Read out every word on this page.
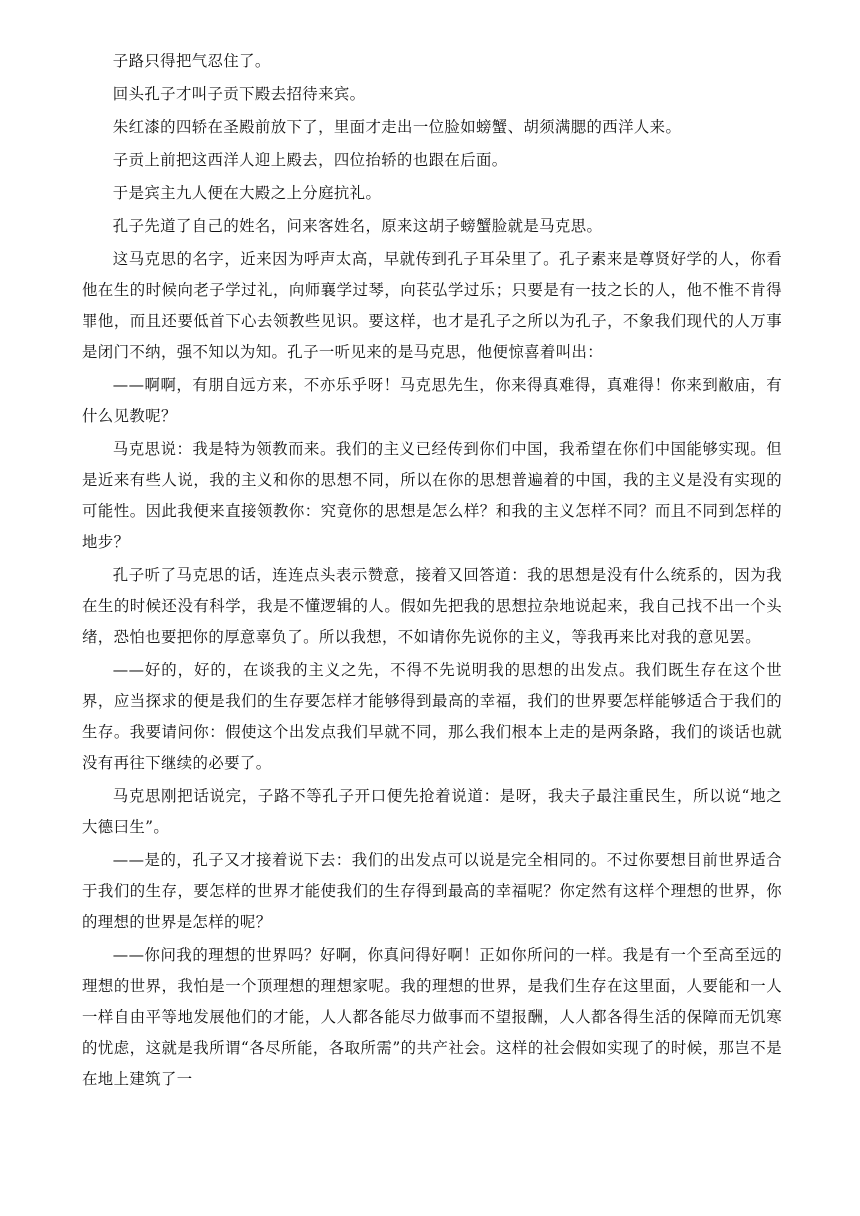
子路只得把气忍住了。

回头孔子才叫子贡下殿去招待来宾。

朱红漆的四轿在圣殿前放下了，里面才走出一位脸如螃蟹、胡须满腮的西洋人来。

子贡上前把这西洋人迎上殿去，四位抬轿的也跟在后面。

于是宾主九人便在大殿之上分庭抗礼。

孔子先道了自己的姓名，问来客姓名，原来这胡子螃蟹脸就是马克思。

这马克思的名字，近来因为呼声太高，早就传到孔子耳朵里了。孔子素来是尊贤好学的人，你看他在生的时候向老子学过礼，向师襄学过琴，向苌弘学过乐；只要是有一技之长的人，他不惟不肯得罪他，而且还要低首下心去领教些见识。要这样，也才是孔子之所以为孔子，不象我们现代的人万事是闭门不纳，强不知以为知。孔子一听见来的是马克思，他便惊喜着叫出：

——啊啊，有朋自远方来，不亦乐乎呀！马克思先生，你来得真难得，真难得！你来到敝庙，有什么见教呢？

马克思说：我是特为领教而来。我们的主义已经传到你们中国，我希望在你们中国能够实现。但是近来有些人说，我的主义和你的思想不同，所以在你的思想普遍着的中国，我的主义是没有实现的可能性。因此我便来直接领教你：究竟你的思想是怎么样？和我的主义怎样不同？而且不同到怎样的地步？

孔子听了马克思的话，连连点头表示赞意，接着又回答道：我的思想是没有什么统系的，因为我在生的时候还没有科学，我是不懂逻辑的人。假如先把我的思想拉杂地说起来，我自己找不出一个头绪，恐怕也要把你的厚意辜负了。所以我想，不如请你先说你的主义，等我再来比对我的意见罢。

——好的，好的，在谈我的主义之先，不得不先说明我的思想的出发点。我们既生存在这个世界，应当探求的便是我们的生存要怎样才能够得到最高的幸福，我们的世界要怎样能够适合于我们的生存。我要请问你：假使这个出发点我们早就不同，那么我们根本上走的是两条路，我们的谈话也就没有再往下继续的必要了。

马克思刚把话说完，子路不等孔子开口便先抢着说道：是呀，我夫子最注重民生，所以说“地之大德曰生”。

——是的，孔子又才接着说下去：我们的出发点可以说是完全相同的。不过你要想目前世界适合于我们的生存，要怎样的世界才能使我们的生存得到最高的幸福呢？你定然有这样个理想的世界，你的理想的世界是怎样的呢？

——你问我的理想的世界吗？好啊，你真问得好啊！正如你所问的一样。我是有一个至高至远的理想的世界，我怕是一个顶理想的理想家呢。我的理想的世界，是我们生存在这里面，人要能和一人一样自由平等地发展他们的才能，人人都各能尽力做事而不望报酬，人人都各得生活的保障而无饥寒的忧虑，这就是我所谓“各尽所能，各取所需”的共产社会。这样的社会假如实现了的时候，那岂不是在地上建筑了一
